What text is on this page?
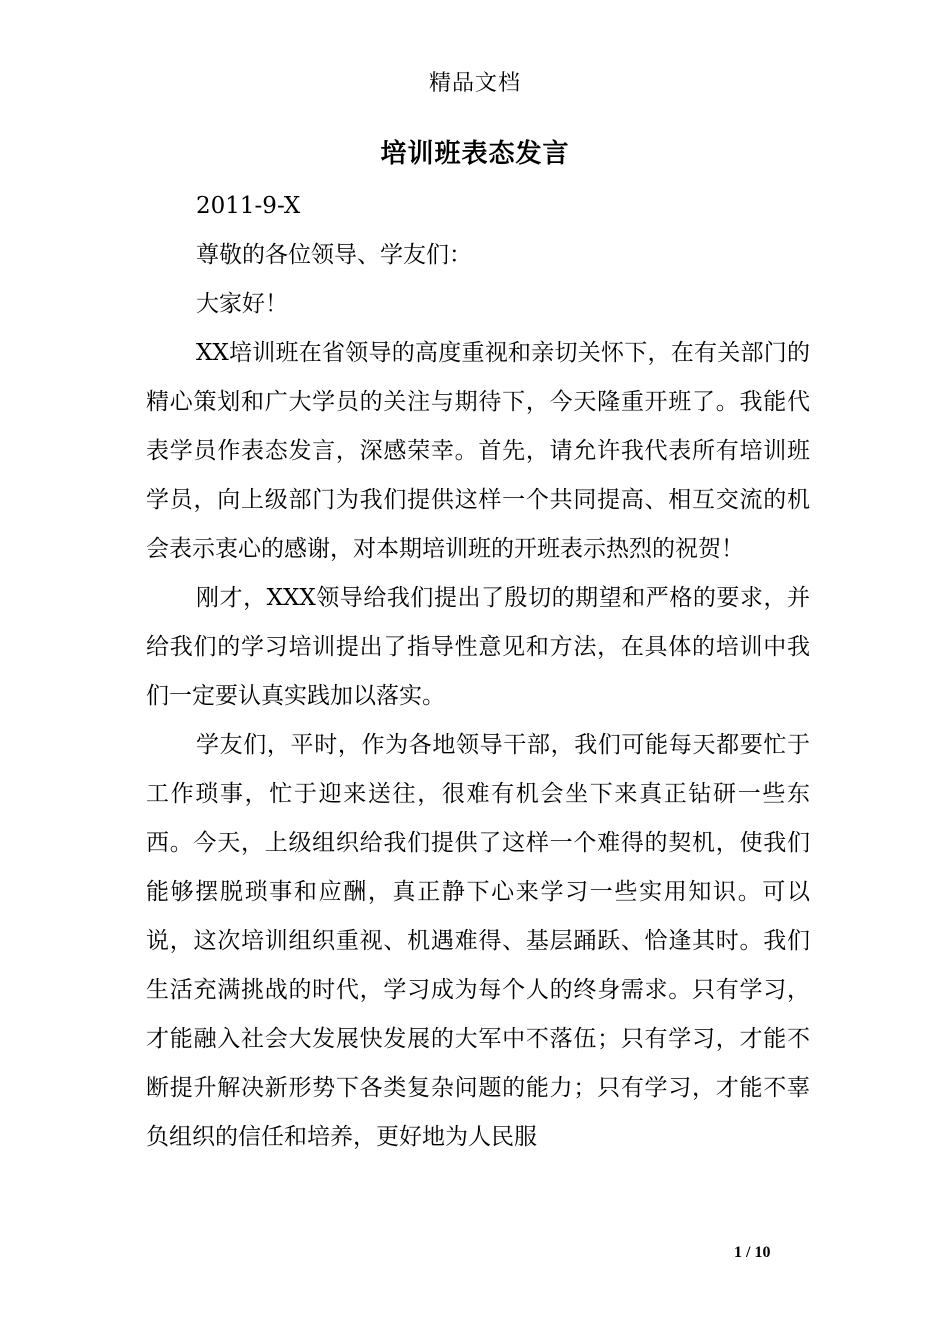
精品文档
培训班表态发言

2011-9-X

尊敬的各位领导、学友们：

大家好！

XX培训班在省领导的高度重视和亲切关怀下，在有关部门的精心策划和广大学员的关注与期待下，今天隆重开班了。我能代表学员作表态发言，深感荣幸。首先，请允许我代表所有培训班学员，向上级部门为我们提供这样一个共同提高、相互交流的机会表示衷心的感谢，对本期培训班的开班表示热烈的祝贺！

刚才，XXX领导给我们提出了殷切的期望和严格的要求，并给我们的学习培训提出了指导性意见和方法，在具体的培训中我们一定要认真实践加以落实。

学友们，平时，作为各地领导干部，我们可能每天都要忙于工作琐事，忙于迎来送往，很难有机会坐下来真正钻研一些东西。今天，上级组织给我们提供了这样一个难得的契机，使我们能够摆脱琐事和应酬，真正静下心来学习一些实用知识。可以说，这次培训组织重视、机遇难得、基层踊跃、恰逢其时。我们生活充满挑战的时代，学习成为每个人的终身需求。只有学习，才能融入社会大发展快发展的大军中不落伍；只有学习，才能不断提升解决新形势下各类复杂问题的能力；只有学习，才能不辜负组织的信任和培养，更好地为人民服

1 / 10
